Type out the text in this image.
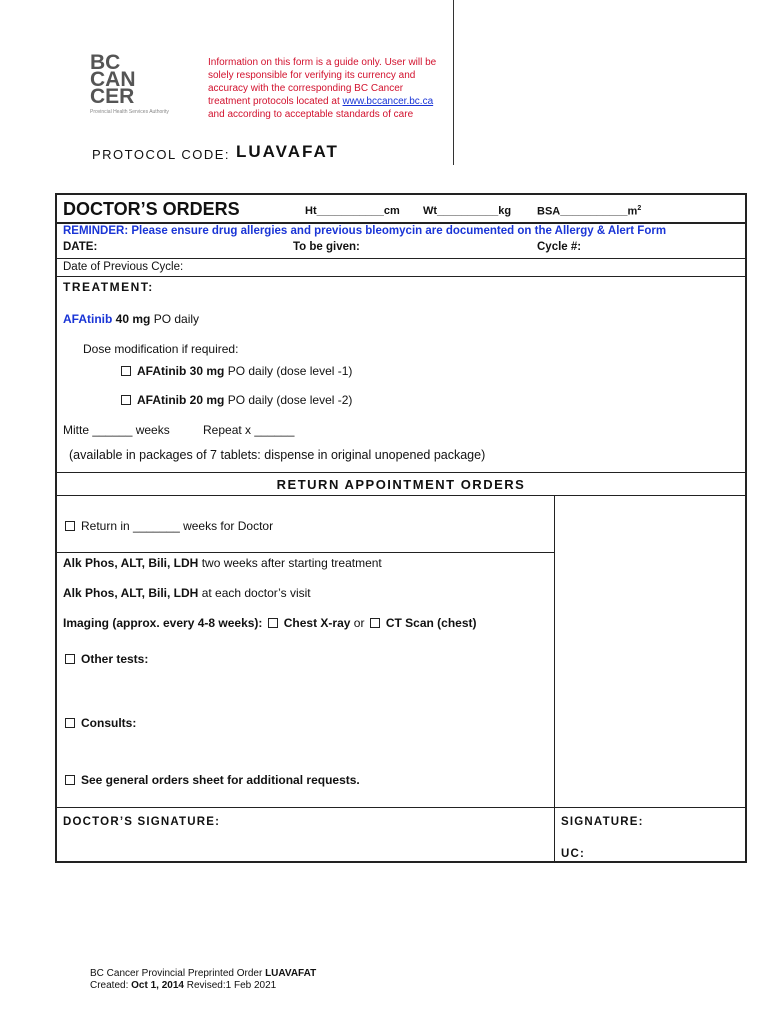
BC
CAN
CER
Provincial Health Services Authority
Information on this form is a guide only. User will be solely responsible for verifying its currency and accuracy with the corresponding BC Cancer treatment protocols located at www.bccancer.bc.ca and according to acceptable standards of care
PROTOCOL CODE: LUAVAFAT
DOCTOR’S ORDERS	Ht___________cm Wt__________kg $BSA\_\_\_\_\_\_\_\_\_\_\_m^2$
REMINDER: Please ensure drug allergies and previous bleomycin are documented on the Allergy & Alert Form
DATE:	To be given:	Cycle #:
Date of Previous Cycle:
TREATMENT:
AFAtinib 40 mg PO daily
Dose modification if required:
AFAtinib 30 mg PO daily (dose level -1)
AFAtinib 20 mg PO daily (dose level -2)
Mitte ______ weeks	Repeat x ______
(available in packages of 7 tablets: dispense in original unopened package)
RETURN APPOINTMENT ORDERS
Return in _______ weeks for Doctor
Alk Phos, ALT, Bili, LDH two weeks after starting treatment
Alk Phos, ALT, Bili, LDH at each doctor’s visit
Imaging (approx. every 4-8 weeks): Chest X-ray or CT Scan (chest)
Other tests:
Consults:
See general orders sheet for additional requests.
DOCTOR’S SIGNATURE:	SIGNATURE:
UC:
BC Cancer Provincial Preprinted Order LUAVAFAT
Created: Oct 1, 2014 Revised:1 Feb 2021
